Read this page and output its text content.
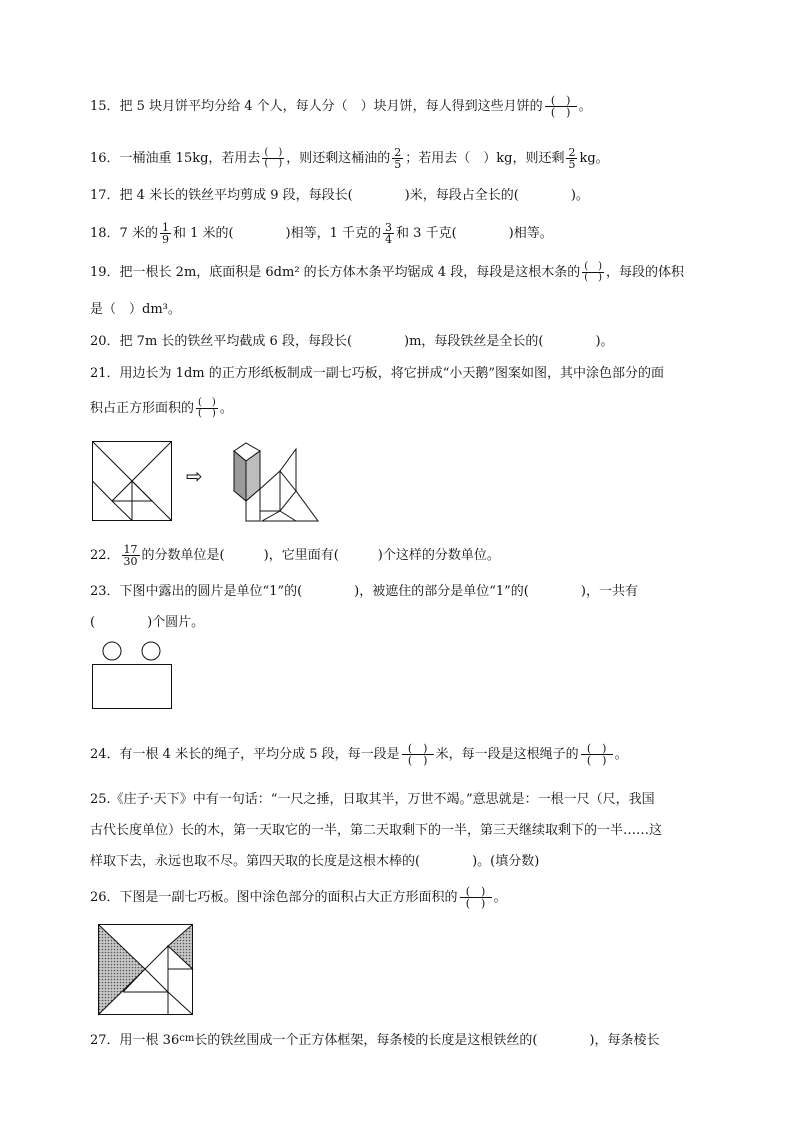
15．把 5 块月饼平均分给 4 个人，每人分（　）块月饼，每人得到这些月饼的 (　)
(　) 。
16．一桶油重 15kg，若用去 (　)
(　) ，则还剩这桶油的 $\frac{2}{5}$ ；若用去（　）kg，则还剩 $\frac{2}{5}$ kg。
17．把 4 米长的铁丝平均剪成 9 段，每段长(　　　　)米，每段占全长的(　　　　)。
18．7 米的 $\frac{1}{9}$ 和 1 米的(　　　　)相等，1 千克的 $\frac{3}{4}$ 和 3 千克(　　　　)相等。
19．把一根长 2m，底面积是 6dm² 的长方体木条平均锯成 4 段，每段是这根木条的 (　)
(　) ，每段的体积
是（　）dm³。
20．把 7m 长的铁丝平均截成 6 段，每段长(　　　　)m，每段铁丝是全长的(　　　　)。
21．用边长为 1dm 的正方形纸板制成一副七巧板，将它拼成“小天鹅”图案如图，其中涂色部分的面
积占正方形面积的 (　)
(　) 。
⇨
22． $\frac{17}{30}$ 的分数单位是(　　　)，它里面有(　　　)个这样的分数单位。
23．下图中露出的圆片是单位“1”的(　　　　)，被遮住的部分是单位“1”的(　　　　)，一共有
(　　　　)个圆片。
24．有一根 4 米长的绳子，平均分成 5 段，每一段是 (　)
(　) 米，每一段是这根绳子的 (　)
(　) 。
25.《庄子·天下》中有一句话：“一尺之捶，日取其半，万世不竭。”意思就是：一根一尺（尺，我国
古代长度单位）长的木，第一天取它的一半，第二天取剩下的一半，第三天继续取剩下的一半……这
样取下去，永远也取不尽。第四天取的长度是这根木棒的(　　　　)。(填分数)
26．下图是一副七巧板。图中涂色部分的面积占大正方形面积的 (　)
(　) 。
27．用一根 $36^{cm}$长的铁丝围成一个正方体框架，每条棱的长度是这根铁丝的(　　　　)，每条棱长
